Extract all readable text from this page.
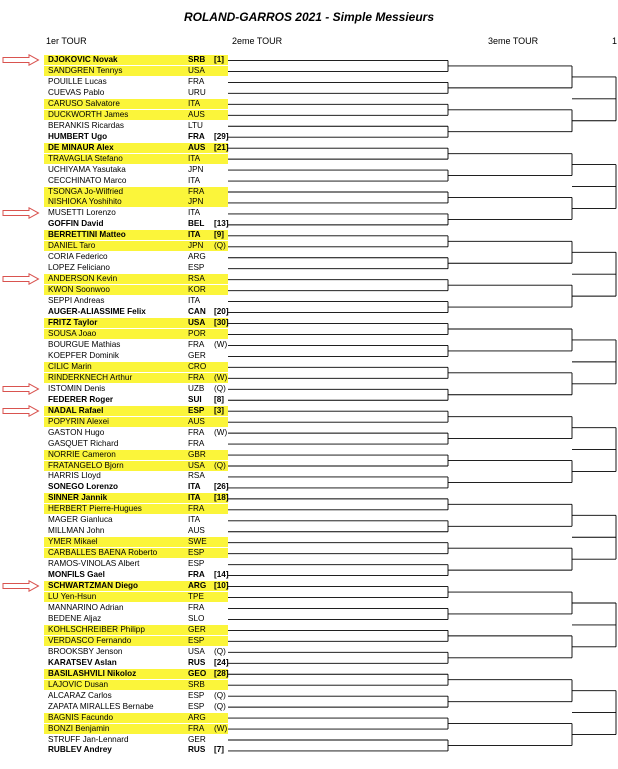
ROLAND-GARROS 2021 - Simple Messieurs
1er TOUR	2eme TOUR	3eme TOUR	1
DJOKOVIC Novak	SRB [1]
SANDGREN Tennys	USA
POUILLE Lucas	FRA
CUEVAS Pablo	URU
CARUSO Salvatore	ITA
DUCKWORTH James	AUS
BERANKIS Ricardas	LTU
HUMBERT Ugo	FRA [29]
DE MINAUR Alex	AUS [21]
TRAVAGLIA Stefano	ITA
UCHIYAMA Yasutaka	JPN
CECCHINATO Marco	ITA
TSONGA Jo-Wilfried	FRA
NISHIOKA Yoshihito	JPN
MUSETTI Lorenzo	ITA
GOFFIN David	BEL [13]
BERRETTINI Matteo	ITA [9]
DANIEL Taro	JPN (Q)
CORIA Federico	ARG
LOPEZ Feliciano	ESP
ANDERSON Kevin	RSA
KWON Soonwoo	KOR
SEPPI Andreas	ITA
AUGER-ALIASSIME Felix	CAN [20]
FRITZ Taylor	USA [30]
SOUSA Joao	POR
BOURGUE Mathias	FRA (W)
KOEPFER Dominik	GER
CILIC Marin	CRO
RINDERKNECH Arthur	FRA (W)
ISTOMIN Denis	UZB (Q)
FEDERER Roger	SUI [8]
NADAL Rafael	ESP [3]
POPYRIN Alexei	AUS
GASTON Hugo	FRA (W)
GASQUET Richard	FRA
NORRIE Cameron	GBR
FRATANGELO Bjorn	USA (Q)
HARRIS Lloyd	RSA
SONEGO Lorenzo	ITA [26]
SINNER Jannik	ITA [18]
HERBERT Pierre-Hugues	FRA
MAGER Gianluca	ITA
MILLMAN John	AUS
YMER Mikael	SWE
CARBALLES BAENA Roberto	ESP
RAMOS-VINOLAS Albert	ESP
MONFILS Gael	FRA [14]
SCHWARTZMAN Diego	ARG [10]
LU Yen-Hsun	TPE
MANNARINO Adrian	FRA
BEDENE Aljaz	SLO
KOHLSCHREIBER Philipp	GER
VERDASCO Fernando	ESP
BROOKSBY Jenson	USA (Q)
KARATSEV Aslan	RUS [24]
BASILASHVILI Nikoloz	GEO [28]
LAJOVIC Dusan	SRB
ALCARAZ Carlos	ESP (Q)
ZAPATA MIRALLES Bernabe	ESP (Q)
BAGNIS Facundo	ARG
BONZI Benjamin	FRA (W)
STRUFF Jan-Lennard	GER
RUBLEV Andrey	RUS [7]
